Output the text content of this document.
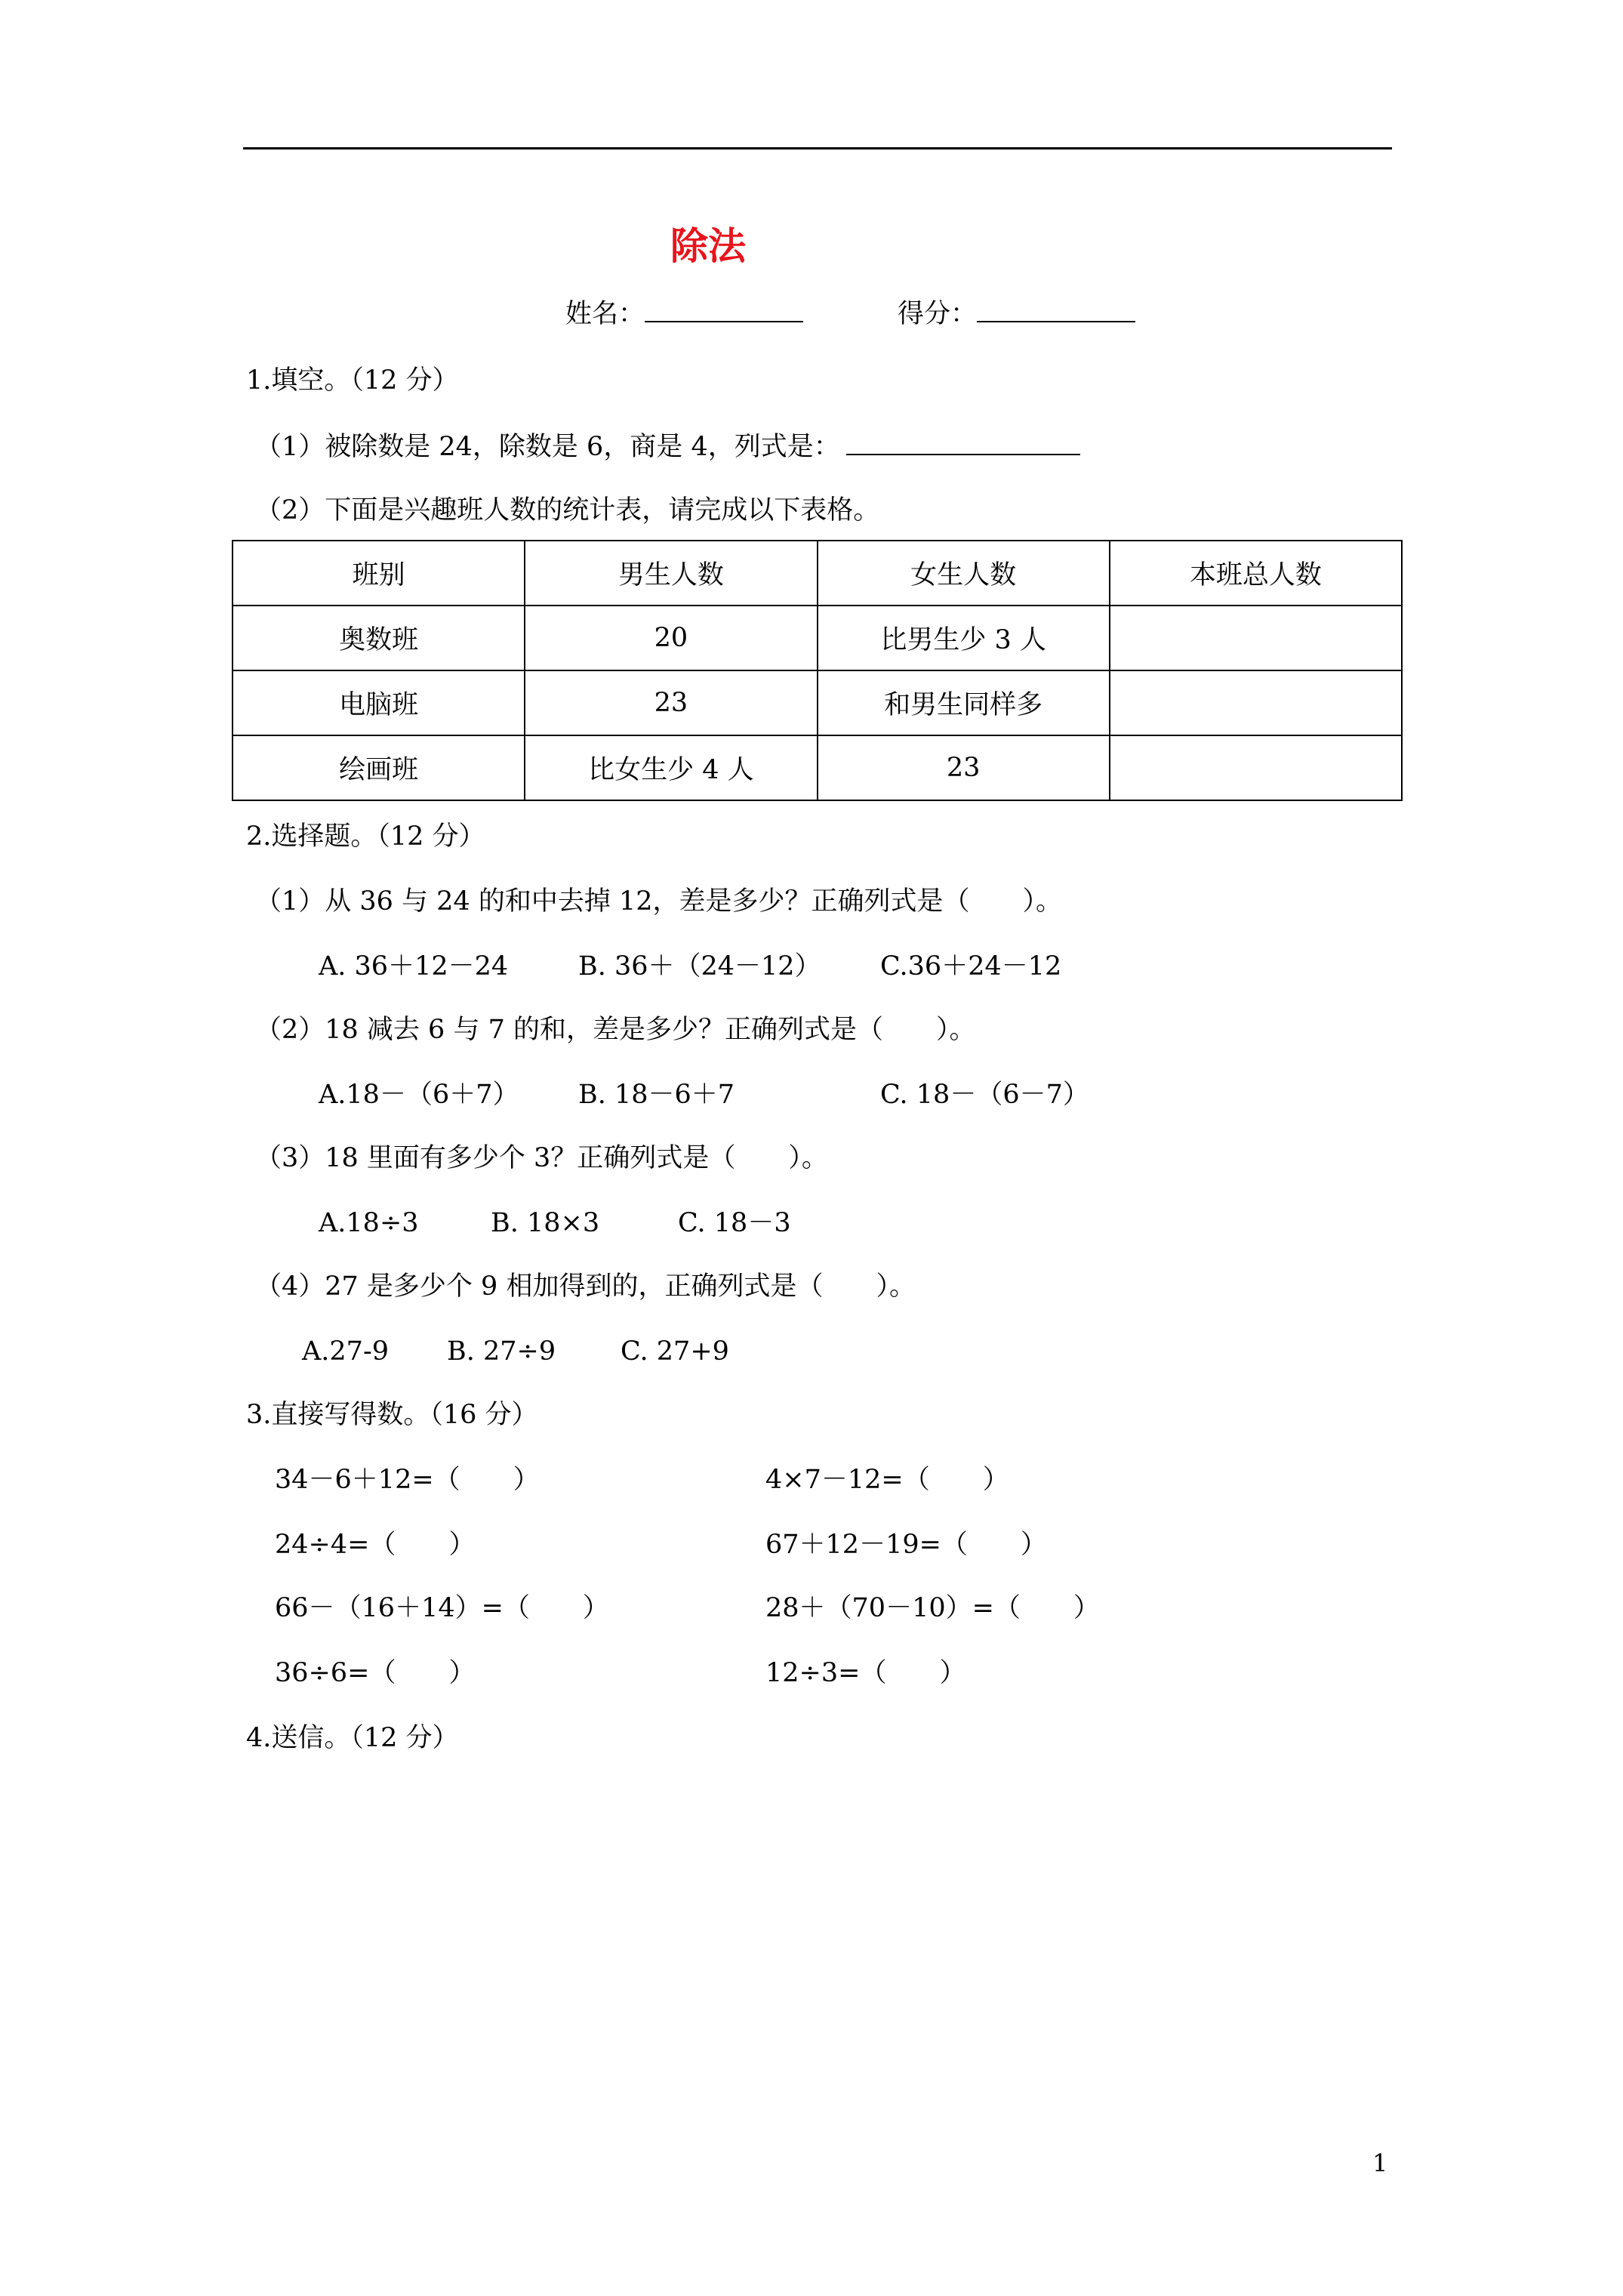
除法
姓名：	得分：
1.填空。（12 分）
（1）被除数是 24，除数是 6，商是 4，列式是：
（2）下面是兴趣班人数的统计表，请完成以下表格。
班别	男生人数	女生人数	本班总人数
奥数班	20	比男生少 3 人	
电脑班	23	和男生同样多	
绘画班	比女生少 4 人	23	
2.选择题。（12 分）
（1）从 36 与 24 的和中去掉 12，差是多少？正确列式是（　　）。
A. 36＋12－24	B. 36＋（24－12） C.36＋24－12
（2）18 减去 6 与 7 的和，差是多少？正确列式是（　　）。
A.18－（6＋7） B. 18－6＋7	C. 18－（6－7）
（3）18 里面有多少个 3？正确列式是（　　）。
A.18÷3	B. 18×3	C. 18－3
（4）27 是多少个 9 相加得到的，正确列式是（　　）。
A.27-9 B. 27÷9 C. 27+9
3.直接写得数。（16 分）
34－6＋12=（　　）
24÷4=（　　）
66－（16＋14）=（　　）
36÷6=（　　）
4×7－12=（　　）
67＋12－19=（　　）
28＋（70－10）=（　　）
12÷3=（　　）
4.送信。（12 分）
1
